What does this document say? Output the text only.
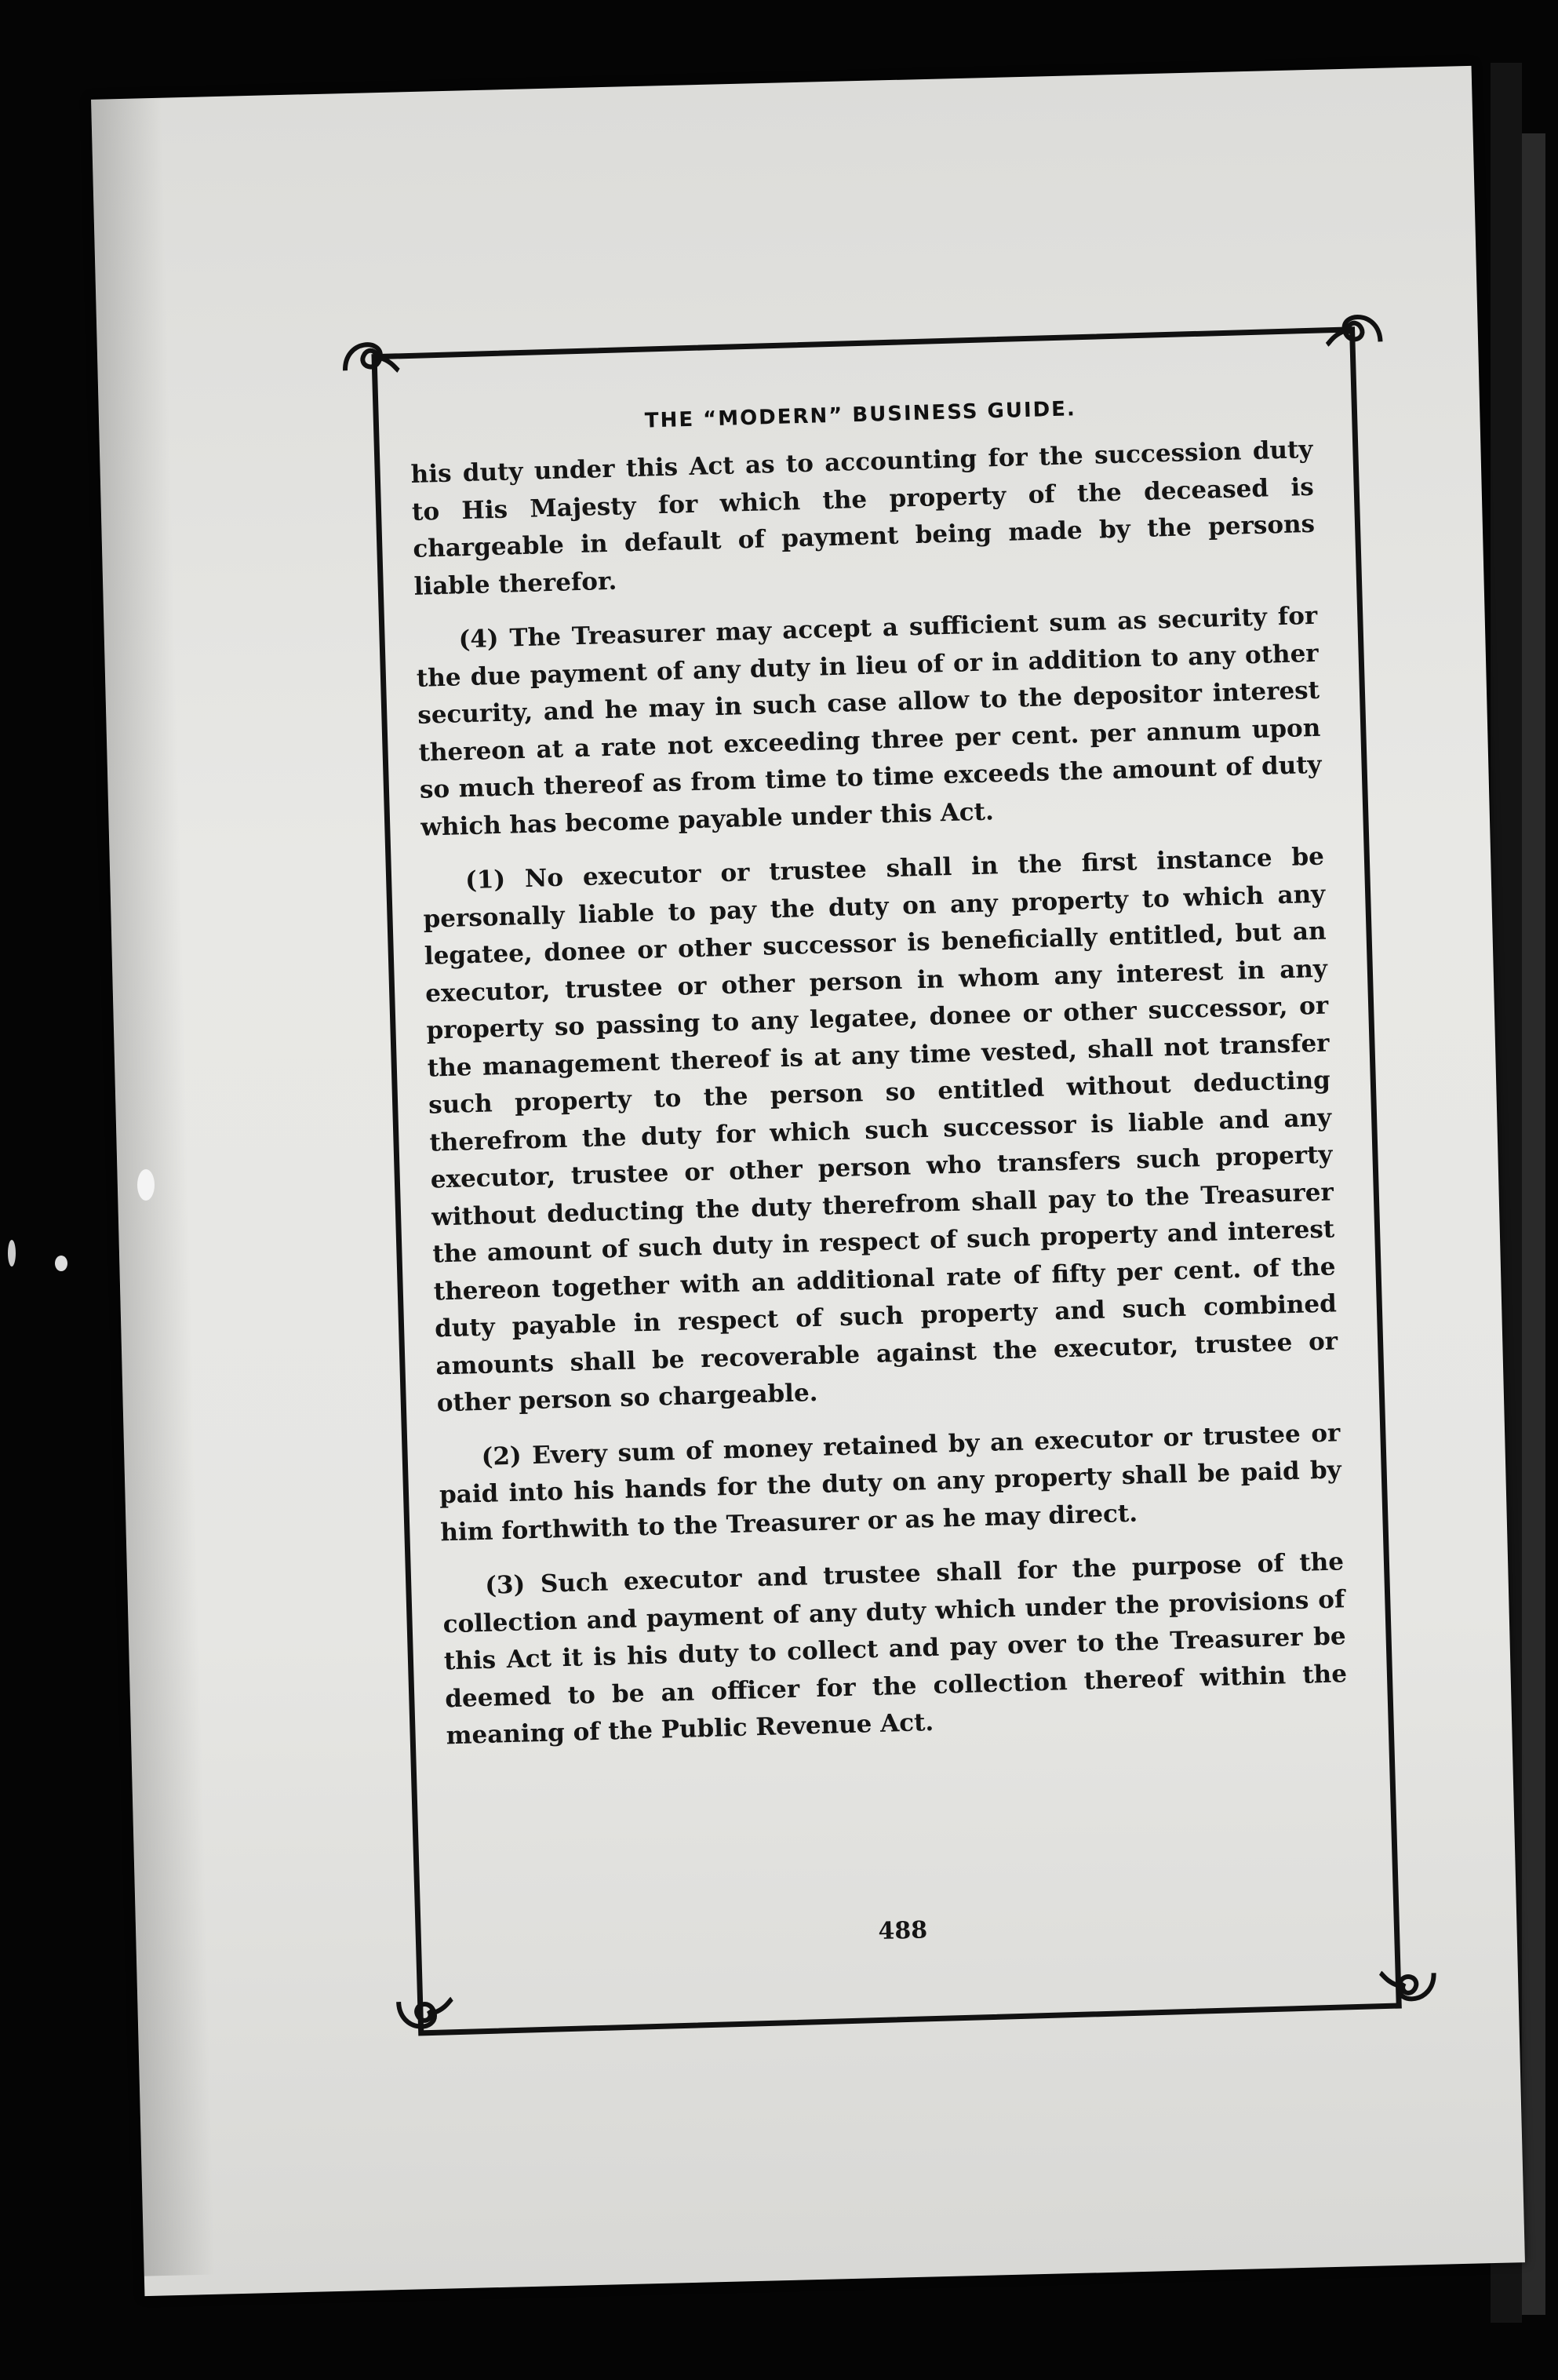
THE “MODERN” BUSINESS GUIDE.

his duty under this Act as to accounting for the succession duty to His Majesty for which the property of the deceased is chargeable in default of payment being made by the persons liable therefor.

(4) The Treasurer may accept a sufficient sum as security for the due payment of any duty in lieu of or in addition to any other security, and he may in such case allow to the depositor interest thereon at a rate not exceeding three per cent. per annum upon so much thereof as from time to time exceeds the amount of duty which has become payable under this Act.

(1) No executor or trustee shall in the first instance be personally liable to pay the duty on any property to which any legatee, donee or other successor is beneficially entitled, but an executor, trustee or other person in whom any interest in any property so passing to any legatee, donee or other successor, or the management thereof is at any time vested, shall not transfer such property to the person so entitled without deducting therefrom the duty for which such successor is liable and any executor, trustee or other person who transfers such property without deducting the duty therefrom shall pay to the Treasurer the amount of such duty in respect of such property and interest thereon together with an additional rate of fifty per cent. of the duty payable in respect of such property and such combined amounts shall be recoverable against the executor, trustee or other person so chargeable.

(2) Every sum of money retained by an executor or trustee or paid into his hands for the duty on any property shall be paid by him forthwith to the Treasurer or as he may direct.

(3) Such executor and trustee shall for the purpose of the collection and payment of any duty which under the provisions of this Act it is his duty to collect and pay over to the Treasurer be deemed to be an officer for the collection thereof within the meaning of the Public Revenue Act.

488
